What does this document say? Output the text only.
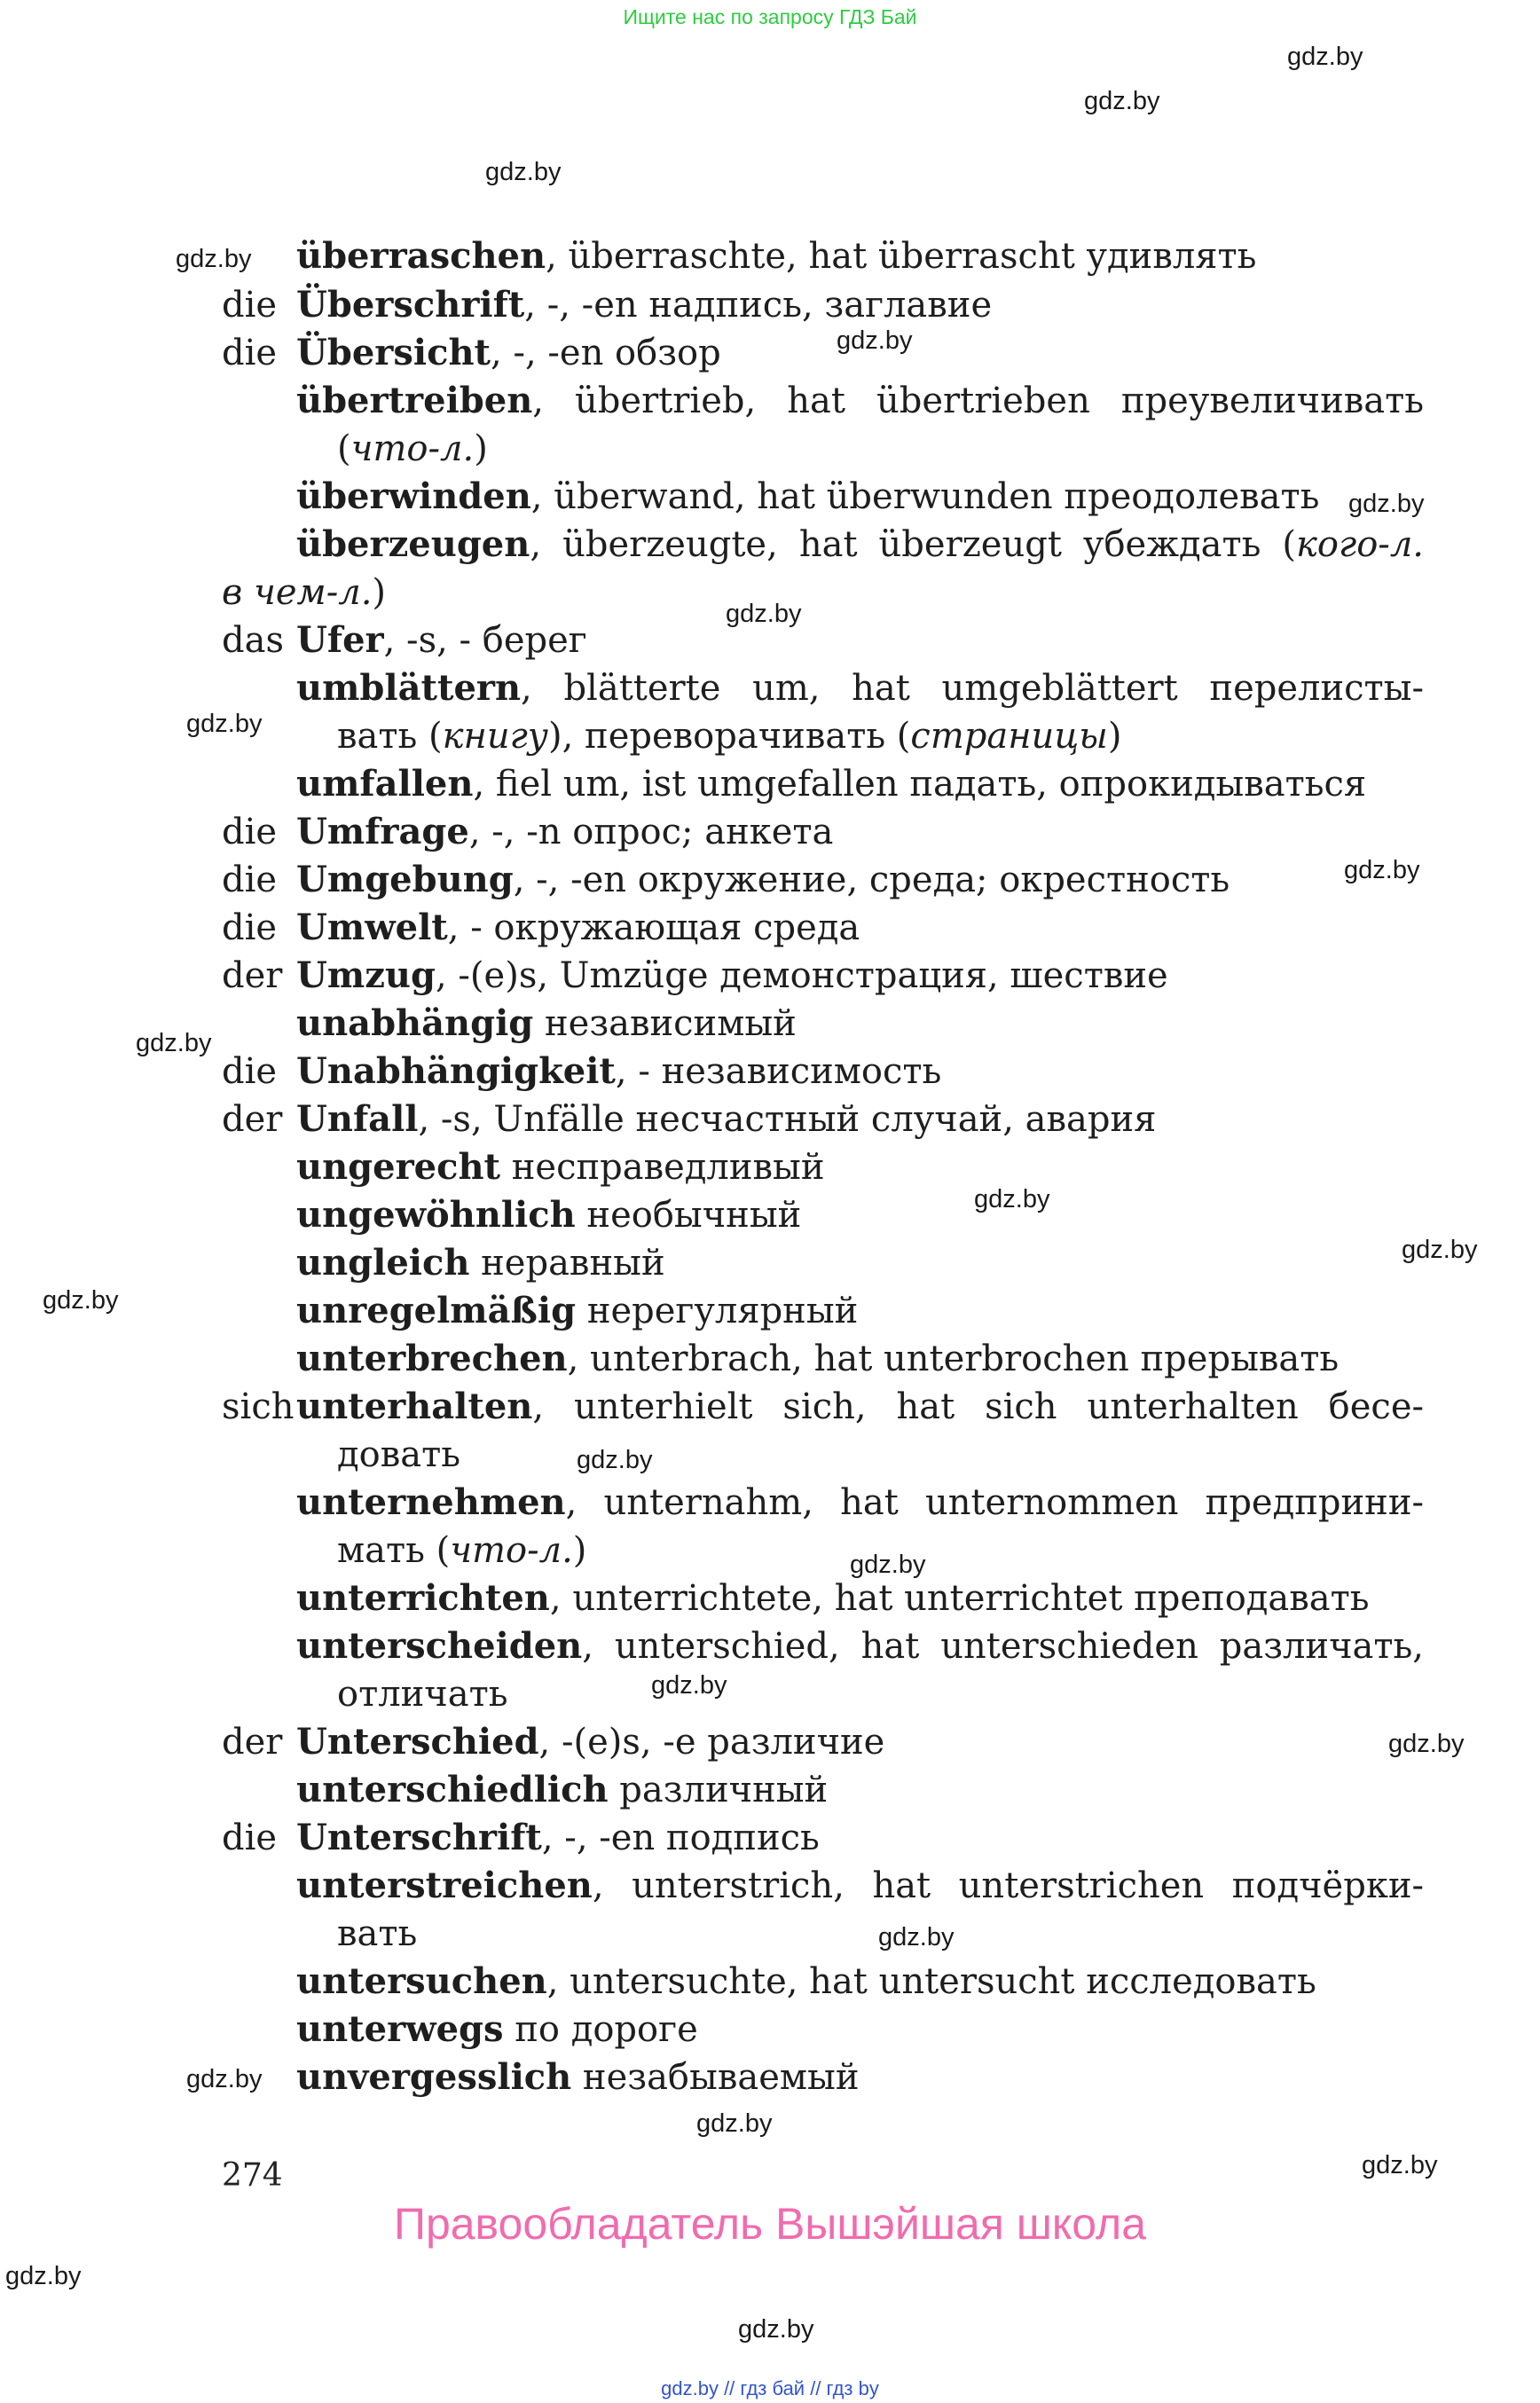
Ищите нас по запросу ГДЗ Бай
gdz.by
gdz.by
gdz.by
gdz.by
gdz.by
gdz.by
gdz.by
gdz.by
gdz.by
gdz.by
gdz.by
gdz.by
gdz.by
gdz.by
gdz.by
gdz.by
gdz.by
gdz.by
gdz.by
gdz.by
gdz.by
gdz.by
gdz.by
überraschen, überraschte, hat überrascht удивлять
die Überschrift, -, -en надпись, заглавие
die Übersicht, -, -en обзор
übertreiben, übertrieb, hat übertrieben преувеличивать
(что-л.)
überwinden, überwand, hat überwunden преодолевать
überzeugen, überzeugte, hat überzeugt убеждать (кого-л.
в чем-л.)
das Ufer, -s, - берег
umblättern, blätterte um, hat umgeblättert перелисты-
вать (книгу), переворачивать (страницы)
umfallen, fiel um, ist umgefallen падать, опрокидываться
die Umfrage, -, -n опрос; анкета
die Umgebung, -, -en окружение, среда; окрестность
die Umwelt, - окружающая среда
der Umzug, -(e)s, Umzüge демонстрация, шествие
unabhängig независимый
die Unabhängigkeit, - независимость
der Unfall, -s, Unfälle несчастный случай, авария
ungerecht несправедливый
ungewöhnlich необычный
ungleich неравный
unregelmäßig нерегулярный
unterbrechen, unterbrach, hat unterbrochen прерывать
sichunterhalten, unterhielt sich, hat sich unterhalten бесе-
довать
unternehmen, unternahm, hat unternommen предприни-
мать (что-л.)
unterrichten, unterrichtete, hat unterrichtet преподавать
unterscheiden, unterschied, hat unterschieden различать,
отличать
der Unterschied, -(e)s, -e различие
unterschiedlich различный
die Unterschrift, -, -en подпись
unterstreichen, unterstrich, hat unterstrichen подчёрки-
вать
untersuchen, untersuchte, hat untersucht исследовать
unterwegs по дороге
unvergesslich незабываемый
274
Правообладатель Вышэйшая школа
gdz.by // гдз бай // гдз by
